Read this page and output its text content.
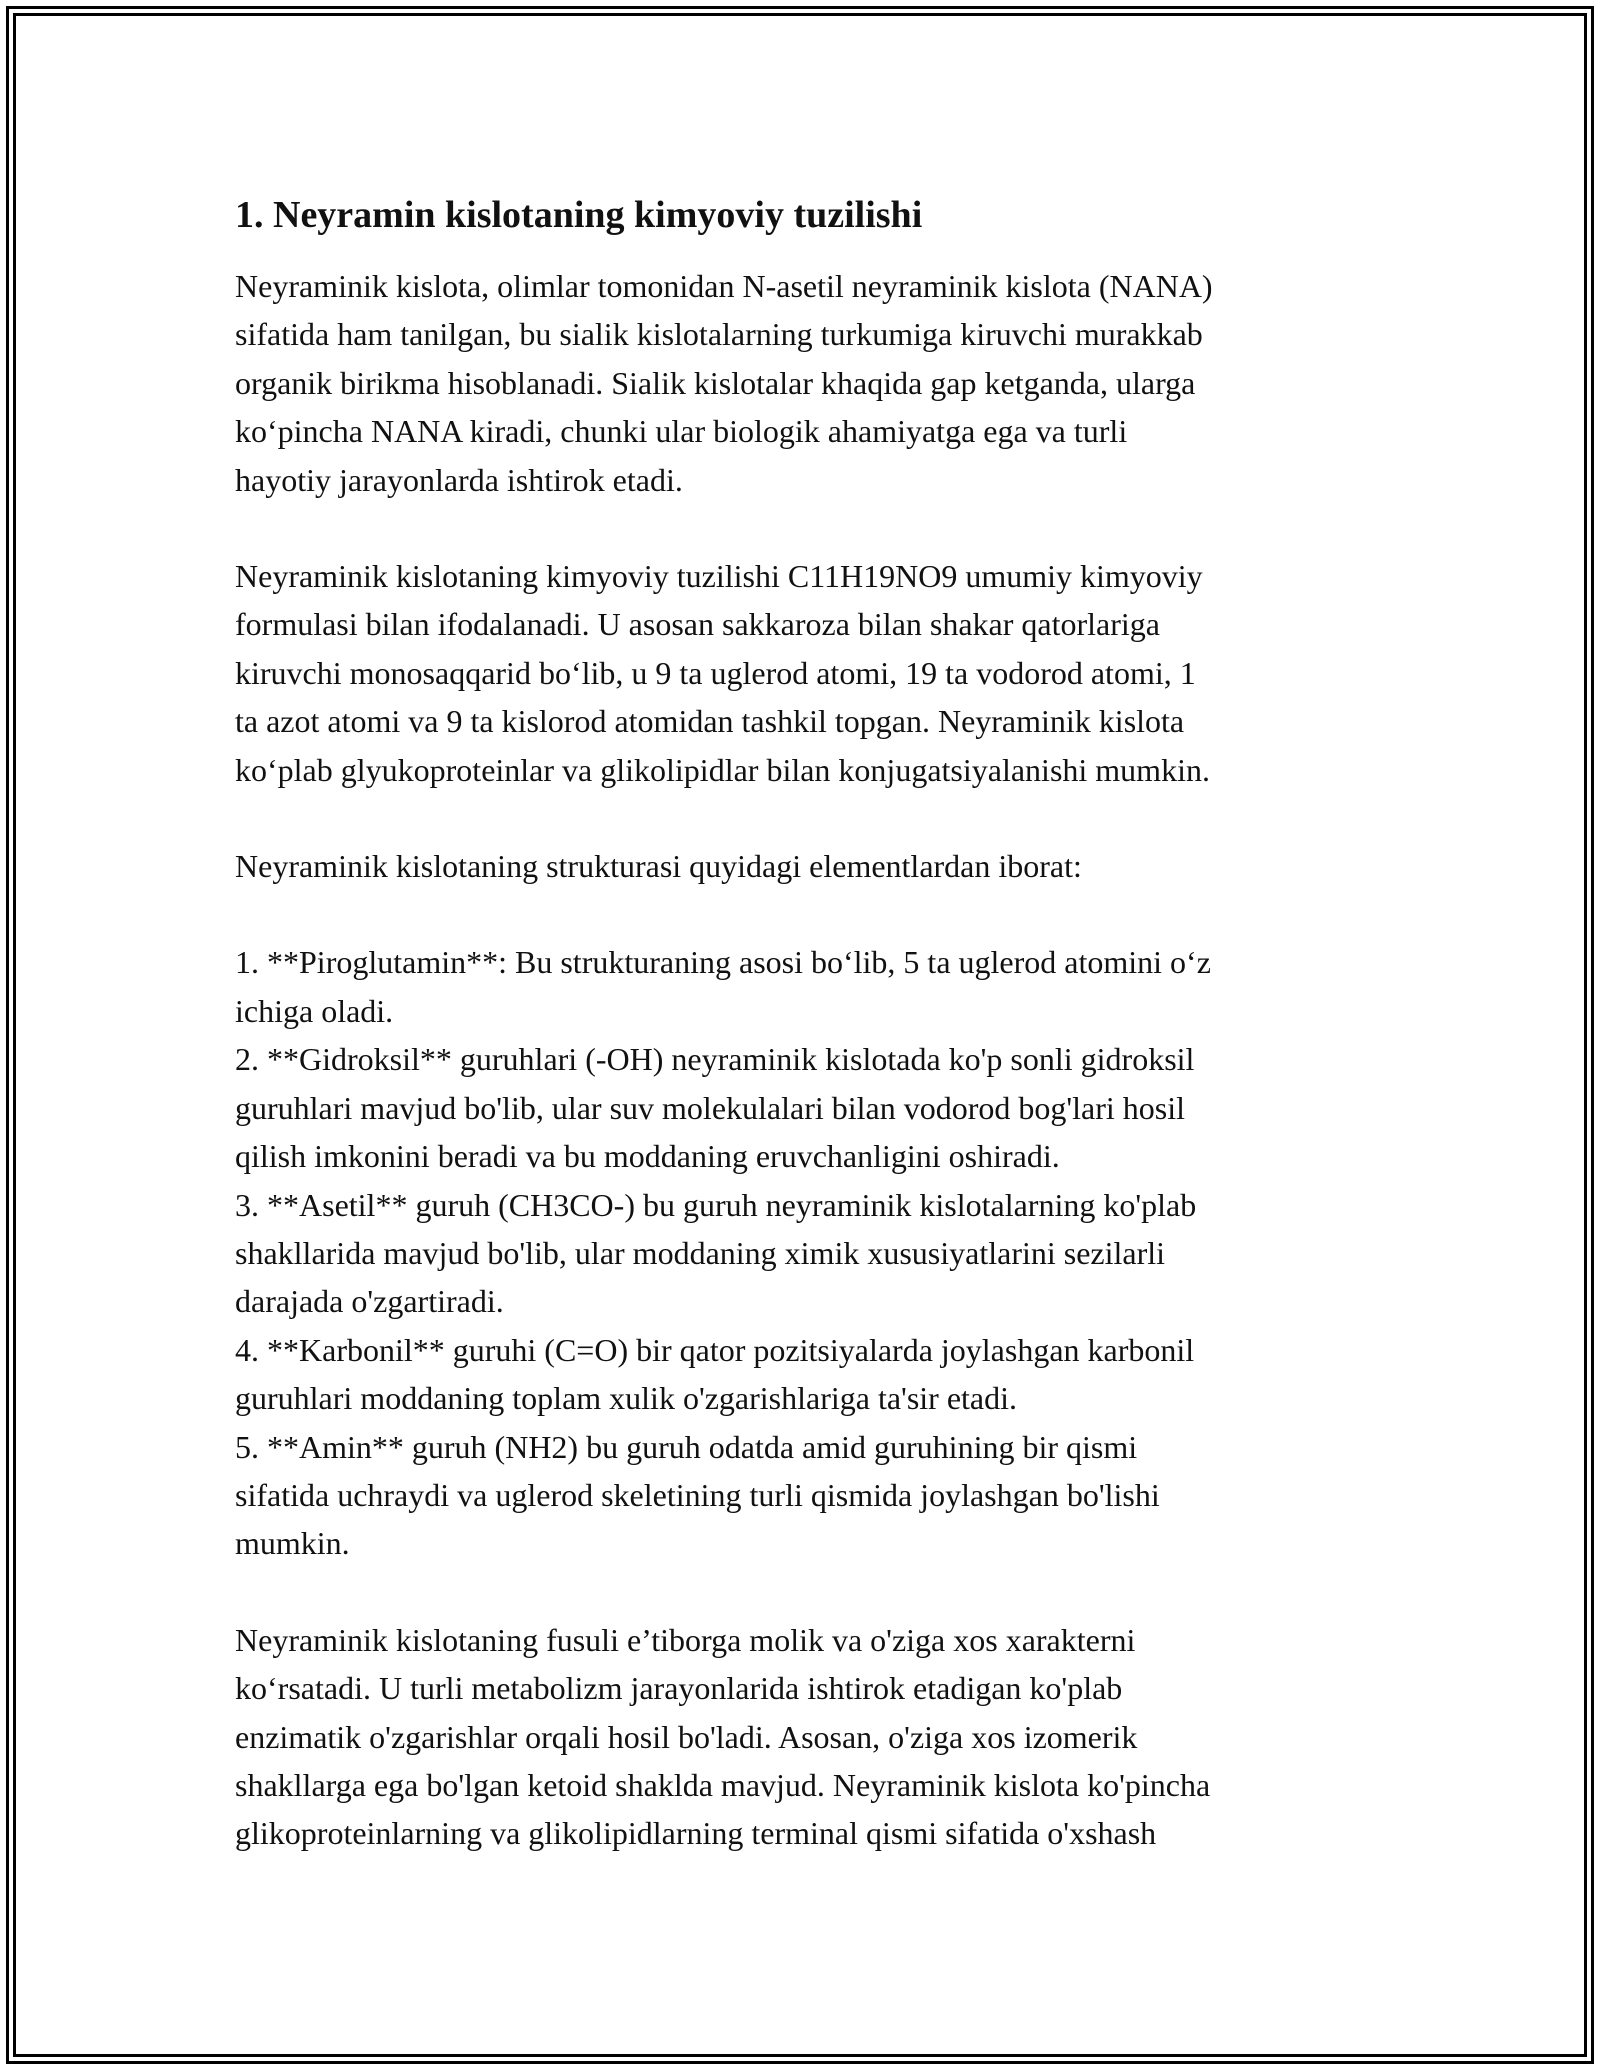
1. Neyramin kislotaning kimyoviy tuzilishi
Neyraminik kislota, olimlar tomonidan N-asetil neyraminik kislota (NANA)
sifatida ham tanilgan, bu sialik kislotalarning turkumiga kiruvchi murakkab
organik birikma hisoblanadi. Sialik kislotalar khaqida gap ketganda, ularga
ko‘pincha NANA kiradi, chunki ular biologik ahamiyatga ega va turli
hayotiy jarayonlarda ishtirok etadi.
Neyraminik kislotaning kimyoviy tuzilishi C11H19NO9 umumiy kimyoviy
formulasi bilan ifodalanadi. U asosan sakkaroza bilan shakar qatorlariga
kiruvchi monosaqqarid bo‘lib, u 9 ta uglerod atomi, 19 ta vodorod atomi, 1
ta azot atomi va 9 ta kislorod atomidan tashkil topgan. Neyraminik kislota
ko‘plab glyukoproteinlar va glikolipidlar bilan konjugatsiyalanishi mumkin.
Neyraminik kislotaning strukturasi quyidagi elementlardan iborat:
1. **Piroglutamin**: Bu strukturaning asosi bo‘lib, 5 ta uglerod atomini o‘z
ichiga oladi.
2. **Gidroksil** guruhlari (-OH) neyraminik kislotada ko'p sonli gidroksil
guruhlari mavjud bo'lib, ular suv molekulalari bilan vodorod bog'lari hosil
qilish imkonini beradi va bu moddaning eruvchanligini oshiradi.
3. **Asetil** guruh (CH3CO-) bu guruh neyraminik kislotalarning ko'plab
shakllarida mavjud bo'lib, ular moddaning ximik xususiyatlarini sezilarli
darajada o'zgartiradi.
4. **Karbonil** guruhi (C=O) bir qator pozitsiyalarda joylashgan karbonil
guruhlari moddaning toplam xulik o'zgarishlariga ta'sir etadi.
5. **Amin** guruh (NH2) bu guruh odatda amid guruhining bir qismi
sifatida uchraydi va uglerod skeletining turli qismida joylashgan bo'lishi
mumkin.
Neyraminik kislotaning fusuli e’tiborga molik va o'ziga xos xarakterni
ko‘rsatadi. U turli metabolizm jarayonlarida ishtirok etadigan ko'plab
enzimatik o'zgarishlar orqali hosil bo'ladi. Asosan, o'ziga xos izomerik
shakllarga ega bo'lgan ketoid shaklda mavjud. Neyraminik kislota ko'pincha
glikoproteinlarning va glikolipidlarning terminal qismi sifatida o'xshash
